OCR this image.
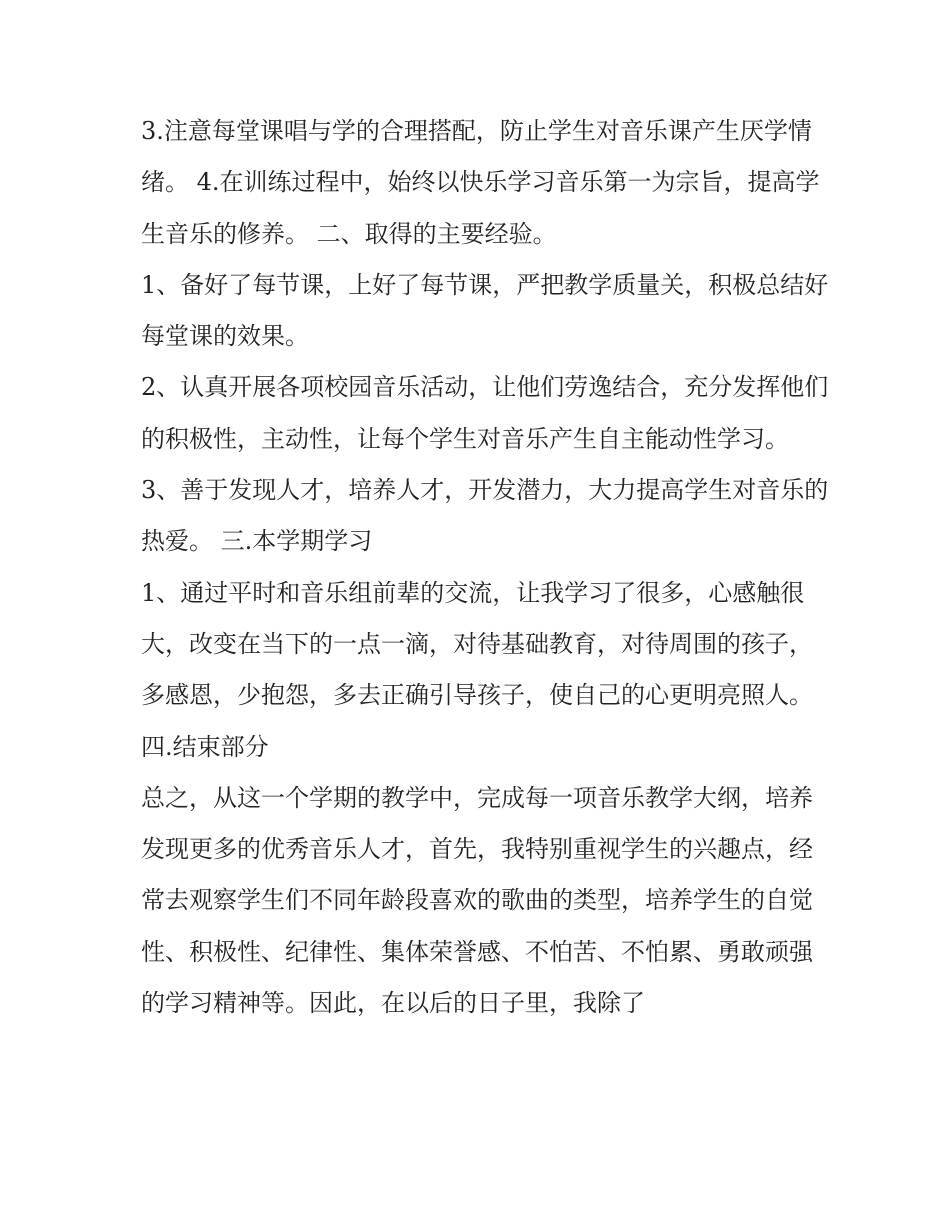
3.注意每堂课唱与学的合理搭配，防止学生对音乐课产生厌学情绪。 4.在训练过程中，始终以快乐学习音乐第一为宗旨，提高学生音乐的修养。 二、取得的主要经验。

1、备好了每节课，上好了每节课，严把教学质量关，积极总结好每堂课的效果。

2、认真开展各项校园音乐活动，让他们劳逸结合，充分发挥他们的积极性，主动性，让每个学生对音乐产生自主能动性学习。

3、善于发现人才，培养人才，开发潜力，大力提高学生对音乐的热爱。 三.本学期学习

1、通过平时和音乐组前辈的交流，让我学习了很多，心感触很大，改变在当下的一点一滴，对待基础教育，对待周围的孩子，多感恩，少抱怨，多去正确引导孩子，使自己的心更明亮照人。

四.结束部分

总之，从这一个学期的教学中，完成每一项音乐教学大纲，培养发现更多的优秀音乐人才，首先，我特别重视学生的兴趣点，经常去观察学生们不同年龄段喜欢的歌曲的类型，培养学生的自觉性、积极性、纪律性、集体荣誉感、不怕苦、不怕累、勇敢顽强的学习精神等。因此，在以后的日子里，我除了
